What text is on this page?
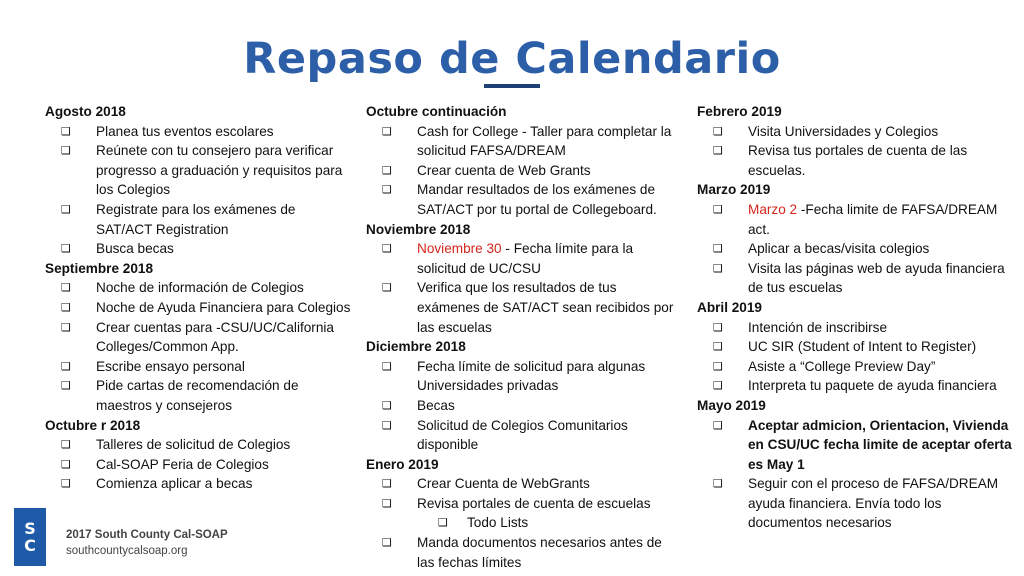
Repaso de Calendario

Agosto 2018

❑ Planea tus eventos escolares
❑ Reúnete con tu consejero para verificar progresso a graduación y requisitos para los Colegios
❑ Registrate para los exámenes de SAT/ACT Registration
❑ Busca becas

Septiembre 2018

❑ Noche de información de Colegios
❑ Noche de Ayuda Financiera para Colegios
❑ Crear cuentas para -CSU/UC/California Colleges/Common App.
❑ Escribe ensayo personal
❑ Pide cartas de recomendación de maestros y consejeros

Octubre r 2018

❑ Talleres de solicitud de Colegios
❑ Cal-SOAP Feria de Colegios
❑ Comienza aplicar a becas

Octubre continuación

❑ Cash for College - Taller para completar la solicitud FAFSA/DREAM
❑ Crear cuenta de Web Grants
❑ Mandar resultados de los exámenes de SAT/ACT por tu portal de Collegeboard.

Noviembre 2018

❑ Noviembre 30 - Fecha límite para la solicitud de UC/CSU
❑ Verifica que los resultados de tus exámenes de SAT/ACT sean recibidos por las escuelas

Diciembre 2018

❑ Fecha límite de solicitud para algunas Universidades privadas
❑ Becas
❑ Solicitud de Colegios Comunitarios disponible

Enero 2019

❑ Crear Cuenta de WebGrants
❑ Revisa portales de cuenta de escuelas
❑ Todo Lists
❑ Manda documentos necesarios antes de las fechas límites

Febrero 2019

❑ Visita Universidades y Colegios
❑ Revisa tus portales de cuenta de las escuelas.

Marzo 2019

❑ Marzo 2 -Fecha limite de FAFSA/DREAM act.
❑ Aplicar a becas/visita colegios
❑ Visita las páginas web de ayuda financiera de tus escuelas

Abril 2019

❑ Intención de inscribirse
❑ UC SIR (Student of Intent to Register)
❑ Asiste a “College Preview Day”
❑ Interpreta tu paquete de ayuda financiera

Mayo 2019

❑ Aceptar admicion, Orientacion, Vivienda en CSU/UC fecha limite de aceptar oferta es May 1
❑ Seguir con el proceso de FAFSA/DREAM ayuda financiera. Envía todo los documentos necesarios
S
C
2017 South County Cal-SOAP
southcountycalsoap.org
